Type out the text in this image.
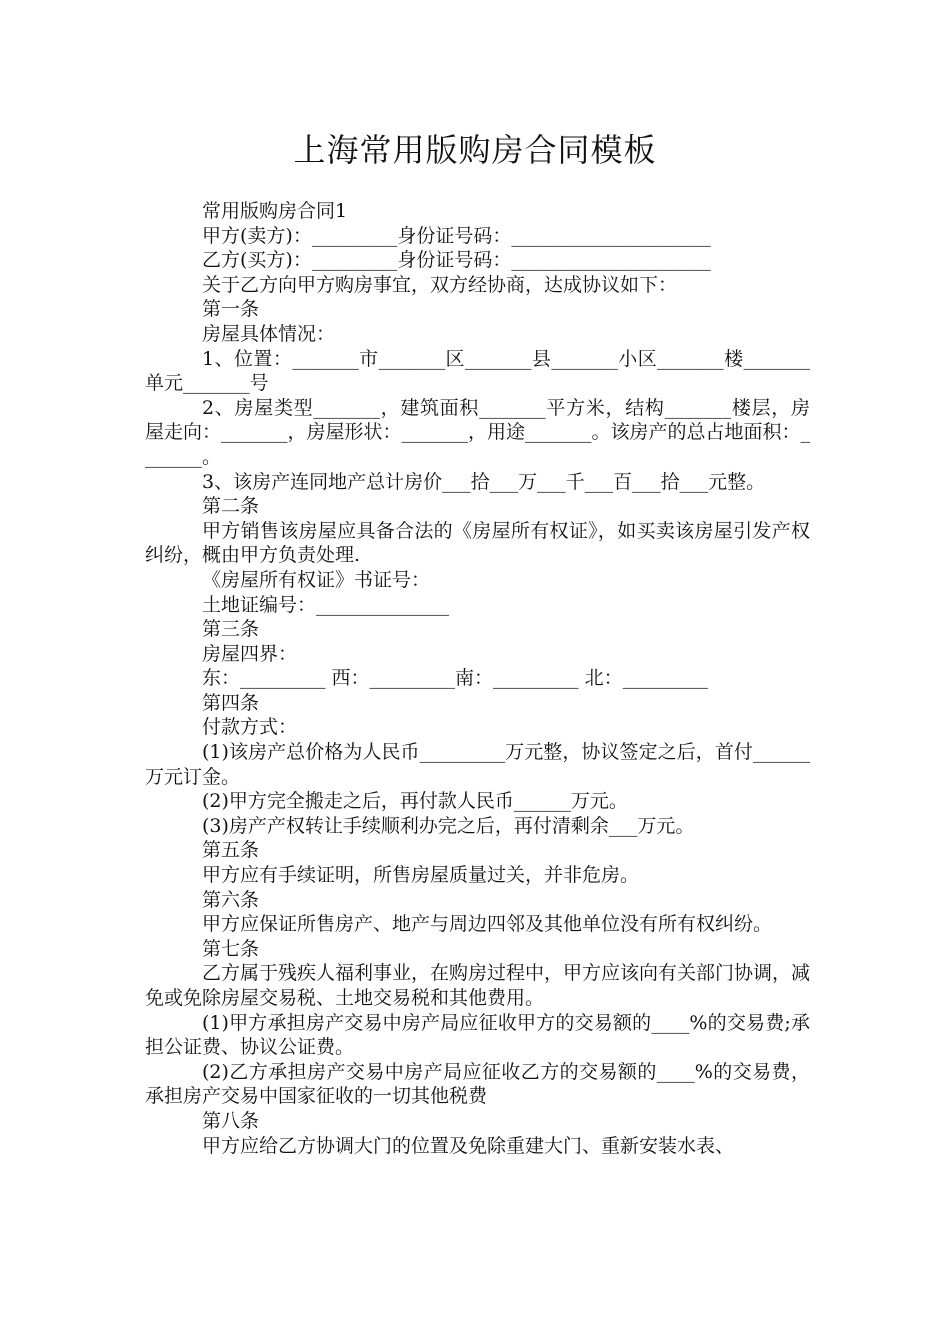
上海常用版购房合同模板

常用版购房合同1

甲方(卖方)：_________身份证号码：_____________________

乙方(买方)：_________身份证号码：_____________________

关于乙方向甲方购房事宜，双方经协商，达成协议如下：

第一条

房屋具体情况：

1、位置：_______市_______区_______县_______小区_______楼_______单元_______号

2、房屋类型_______，建筑面积_______平方米，结构_______楼层，房屋走向：_______，房屋形状：_______，用途_______。该房产的总占地面积：_______。

3、该房产连同地产总计房价___拾___万___千___百___拾___元整。

第二条

甲方销售该房屋应具备合法的《房屋所有权证》，如买卖该房屋引发产权纠纷，概由甲方负责处理.

《房屋所有权证》书证号：

土地证编号：______________

第三条

房屋四界：

东：_________ 西：_________南：_________ 北：_________

第四条

付款方式：

(1)该房产总价格为人民币_________万元整，协议签定之后，首付______万元订金。

(2)甲方完全搬走之后，再付款人民币______万元。

(3)房产产权转让手续顺利办完之后，再付清剩余___万元。

第五条

甲方应有手续证明，所售房屋质量过关，并非危房。

第六条

甲方应保证所售房产、地产与周边四邻及其他单位没有所有权纠纷。

第七条

乙方属于残疾人福利事业，在购房过程中，甲方应该向有关部门协调，减免或免除房屋交易税、土地交易税和其他费用。

(1)甲方承担房产交易中房产局应征收甲方的交易额的____%的交易费;承担公证费、协议公证费。

(2)乙方承担房产交易中房产局应征收乙方的交易额的____%的交易费，承担房产交易中国家征收的一切其他税费

第八条

甲方应给乙方协调大门的位置及免除重建大门、重新安装水表、
